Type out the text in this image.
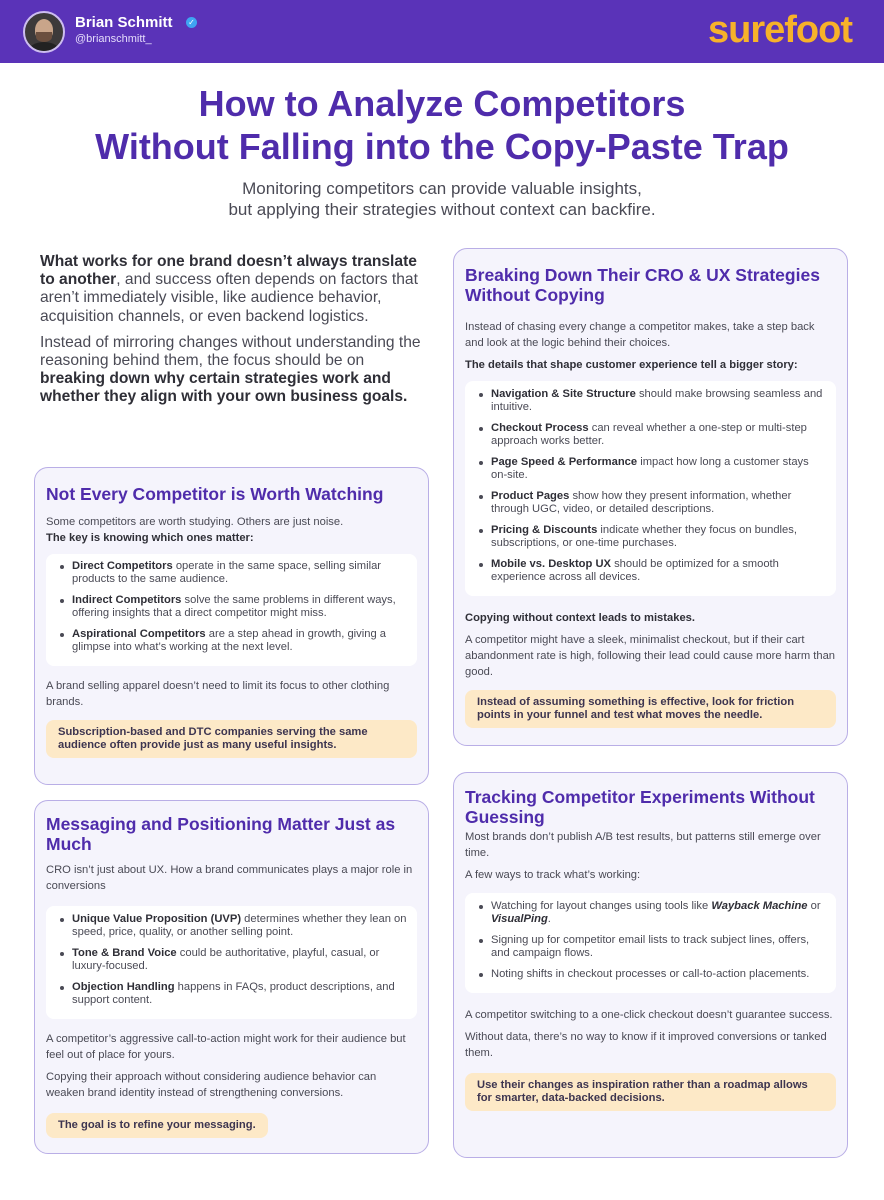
Brian Schmitt ✓
@brianschmitt_	surefoot
How to Analyze Competitors
Without Falling into the Copy-Paste Trap
Monitoring competitors can provide valuable insights,
but applying their strategies without context can backfire.

What works for one brand doesn’t always translate to another, and success often depends on factors that aren’t immediately visible, like audience behavior, acquisition channels, or even backend logistics.

Instead of mirroring changes without understanding the reasoning behind them, the focus should be on breaking down why certain strategies work and whether they align with your own business goals.

Not Every Competitor is Worth Watching
Some competitors are worth studying. Others are just noise.
The key is knowing which ones matter:
Direct Competitors operate in the same space, selling similar products to the same audience.
Indirect Competitors solve the same problems in different ways, offering insights that a direct competitor might miss.
Aspirational Competitors are a step ahead in growth, giving a glimpse into what’s working at the next level.
A brand selling apparel doesn’t need to limit its focus to other clothing brands.
Subscription-based and DTC companies serving the same audience often provide just as many useful insights.
Messaging and Positioning Matter Just as Much
CRO isn’t just about UX. How a brand communicates plays a major role in conversions
Unique Value Proposition (UVP) determines whether they lean on speed, price, quality, or another selling point.
Tone & Brand Voice could be authoritative, playful, casual, or luxury-focused.
Objection Handling happens in FAQs, product descriptions, and support content.
A competitor’s aggressive call-to-action might work for their audience but feel out of place for yours.
Copying their approach without considering audience behavior can weaken brand identity instead of strengthening conversions.
The goal is to refine your messaging.
Breaking Down Their CRO & UX Strategies Without Copying
Instead of chasing every change a competitor makes, take a step back and look at the logic behind their choices.
The details that shape customer experience tell a bigger story:
Navigation & Site Structure should make browsing seamless and intuitive.
Checkout Process can reveal whether a one-step or multi-step approach works better.
Page Speed & Performance impact how long a customer stays on-site.
Product Pages show how they present information, whether through UGC, video, or detailed descriptions.
Pricing & Discounts indicate whether they focus on bundles, subscriptions, or one-time purchases.
Mobile vs. Desktop UX should be optimized for a smooth experience across all devices.
Copying without context leads to mistakes.
A competitor might have a sleek, minimalist checkout, but if their cart abandonment rate is high, following their lead could cause more harm than good.
Instead of assuming something is effective, look for friction points in your funnel and test what moves the needle.
Tracking Competitor Experiments Without Guessing
Most brands don’t publish A/B test results, but patterns still emerge over time.
A few ways to track what’s working:
Watching for layout changes using tools like Wayback Machine or VisualPing.
Signing up for competitor email lists to track subject lines, offers, and campaign flows.
Noting shifts in checkout processes or call-to-action placements.
A competitor switching to a one-click checkout doesn’t guarantee success.
Without data, there’s no way to know if it improved conversions or tanked them.
Use their changes as inspiration rather than a roadmap allows for smarter, data-backed decisions.
